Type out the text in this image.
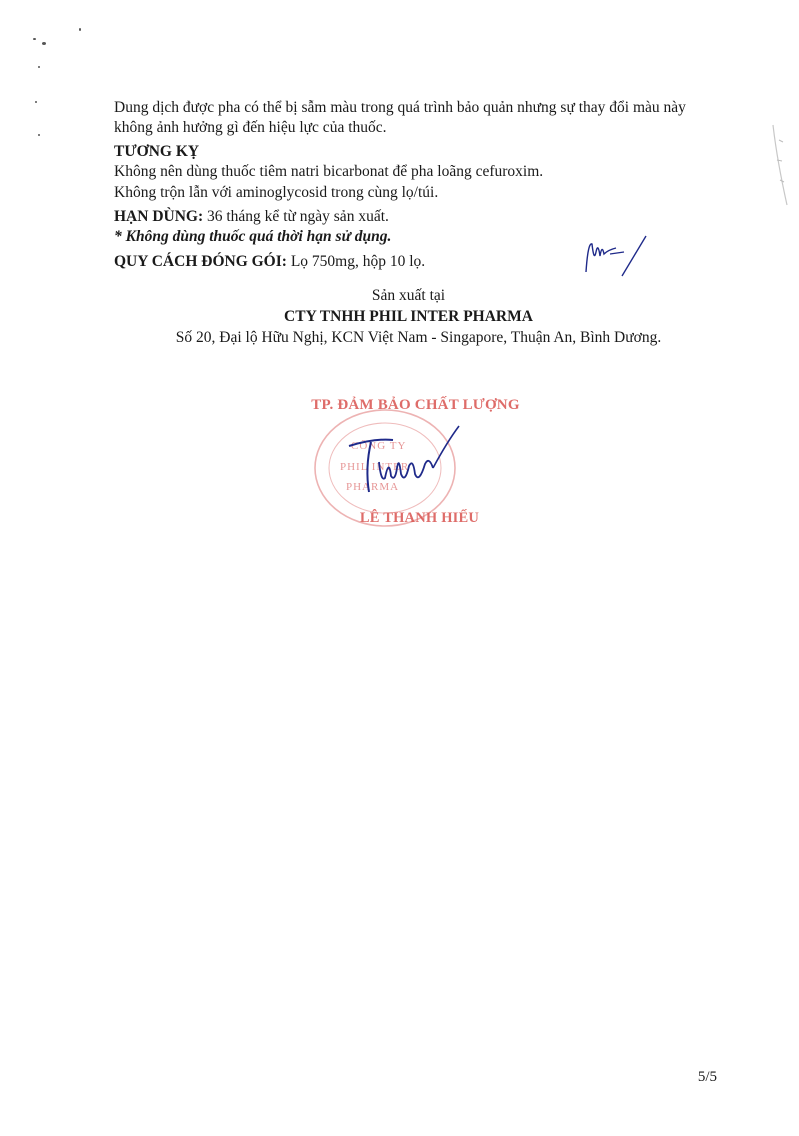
Dung dịch được pha có thể bị sẫm màu trong quá trình bảo quản nhưng sự thay đổi màu này
không ảnh hưởng gì đến hiệu lực của thuốc.
TƯƠNG KỴ
Không nên dùng thuốc tiêm natri bicarbonat để pha loãng cefuroxim.
Không trộn lẫn với aminoglycosid trong cùng lọ/túi.
HẠN DÙNG: 36 tháng kể từ ngày sản xuất.
* Không dùng thuốc quá thời hạn sử dụng.
QUY CÁCH ĐÓNG GÓI: Lọ 750mg, hộp 10 lọ.
Sản xuất tại
CTY TNHH PHIL INTER PHARMA
Số 20, Đại lộ Hữu Nghị, KCN Việt Nam - Singapore, Thuận An, Bình Dương.
TP. ĐẢM BẢO CHẤT LƯỢNG
CÔNG TY
PHIL INTER
PHARMA
LÊ THANH HIẾU
5/5
